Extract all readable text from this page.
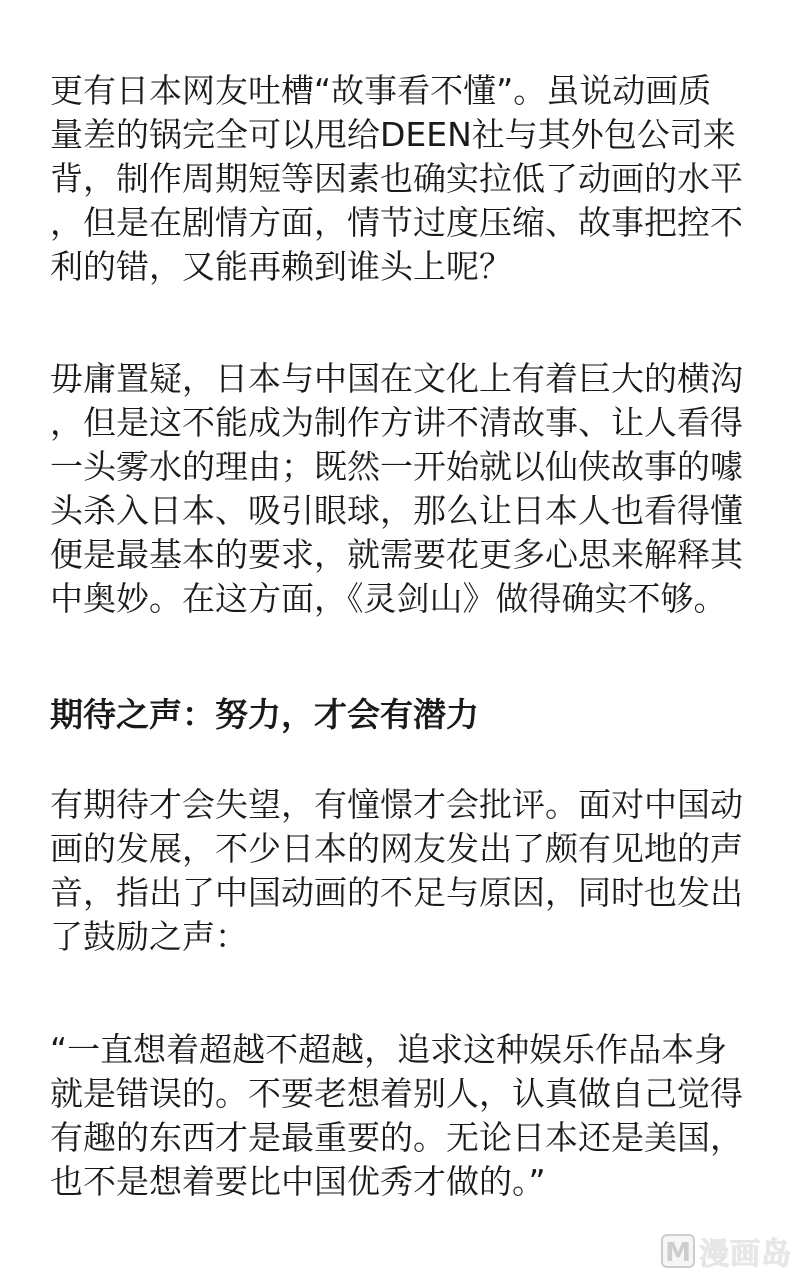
更有日本网友吐槽“故事看不懂”。虽说动画质
量差的锅完全可以甩给DEEN社与其外包公司来
背，制作周期短等因素也确实拉低了动画的水平
，但是在剧情方面，情节过度压缩、故事把控不
利的错，又能再赖到谁头上呢？
毋庸置疑，日本与中国在文化上有着巨大的横沟
，但是这不能成为制作方讲不清故事、让人看得
一头雾水的理由；既然一开始就以仙侠故事的噱
头杀入日本、吸引眼球，那么让日本人也看得懂
便是最基本的要求，就需要花更多心思来解释其
中奥妙。在这方面，《灵剑山》做得确实不够。
期待之声：努力，才会有潜力
有期待才会失望，有憧憬才会批评。面对中国动
画的发展，不少日本的网友发出了颇有见地的声
音，指出了中国动画的不足与原因，同时也发出
了鼓励之声：
“一直想着超越不超越，追求这种娱乐作品本身
就是错误的。不要老想着别人，认真做自己觉得
有趣的东西才是最重要的。无论日本还是美国，
也不是想着要比中国优秀才做的。”
M 漫画岛
